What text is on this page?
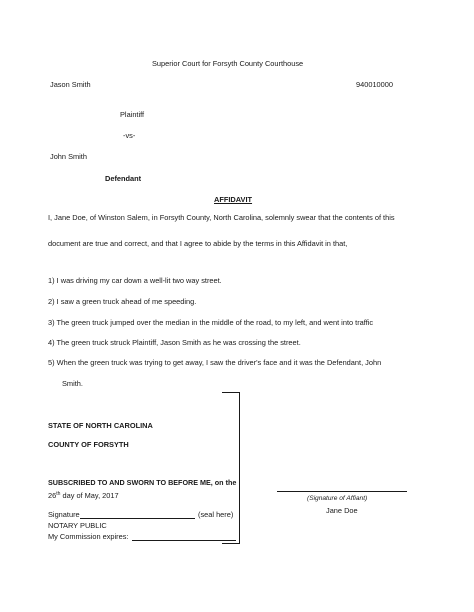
Superior Court for Forsyth County Courthouse
Jason Smith	940010000
Plaintiff
-vs-
John Smith
Defendant
AFFIDAVIT
I, Jane Doe, of Winston Salem, in Forsyth County, North Carolina, solemnly swear that the contents of this
document are true and correct, and that I agree to abide by the terms in this Affidavit in that,
1) I was driving my car down a well-lit two way street.
2) I saw a green truck ahead of me speeding.
3) The green truck jumped over the median in the middle of the road, to my left, and went into traffic
4) The green truck struck Plaintiff, Jason Smith as he was crossing the street.
5) When the green truck was trying to get away, I saw the driver's face and it was the Defendant, John
Smith.
STATE OF NORTH CAROLINA
COUNTY OF FORSYTH
SUBSCRIBED TO AND SWORN TO BEFORE ME, on the
26th day of May, 2017
Signature	(seal here)
NOTARY PUBLIC
My Commission expires:
(Signature of Affiant)
Jane Doe
